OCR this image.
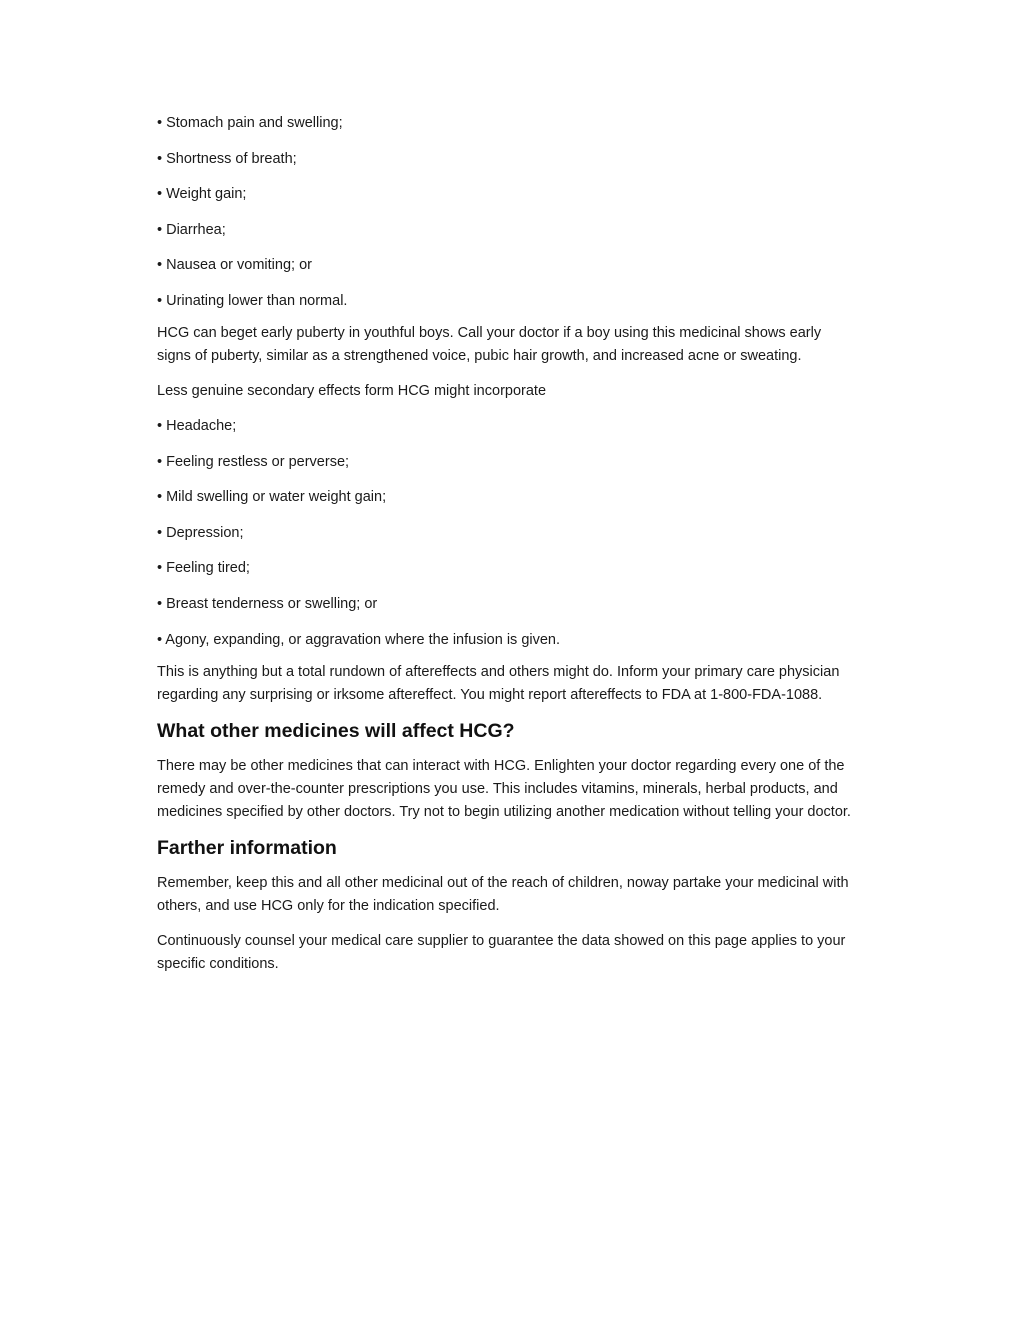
• Stomach pain and swelling;
• Shortness of breath;
• Weight gain;
• Diarrhea;
• Nausea or vomiting; or
• Urinating lower than normal.

HCG can beget early puberty in youthful boys. Call your doctor if a boy using this medicinal shows early signs of puberty, similar as a strengthened voice, pubic hair growth, and increased acne or sweating.

Less genuine secondary effects form HCG might incorporate

• Headache;
• Feeling restless or perverse;
• Mild swelling or water weight gain;
• Depression;
• Feeling tired;
• Breast tenderness or swelling; or
• Agony, expanding, or aggravation where the infusion is given.

This is anything but a total rundown of aftereffects and others might do. Inform your primary care physician regarding any surprising or irksome aftereffect. You might report aftereffects to FDA at 1-800-FDA-1088.

What other medicines will affect HCG?

There may be other medicines that can interact with HCG. Enlighten your doctor regarding every one of the remedy and over-the-counter prescriptions you use. This includes vitamins, minerals, herbal products, and medicines specified by other doctors. Try not to begin utilizing another medication without telling your doctor.

Farther information

Remember, keep this and all other medicinal out of the reach of children, noway partake your medicinal with others, and use HCG only for the indication specified.

Continuously counsel your medical care supplier to guarantee the data showed on this page applies to your specific conditions.
